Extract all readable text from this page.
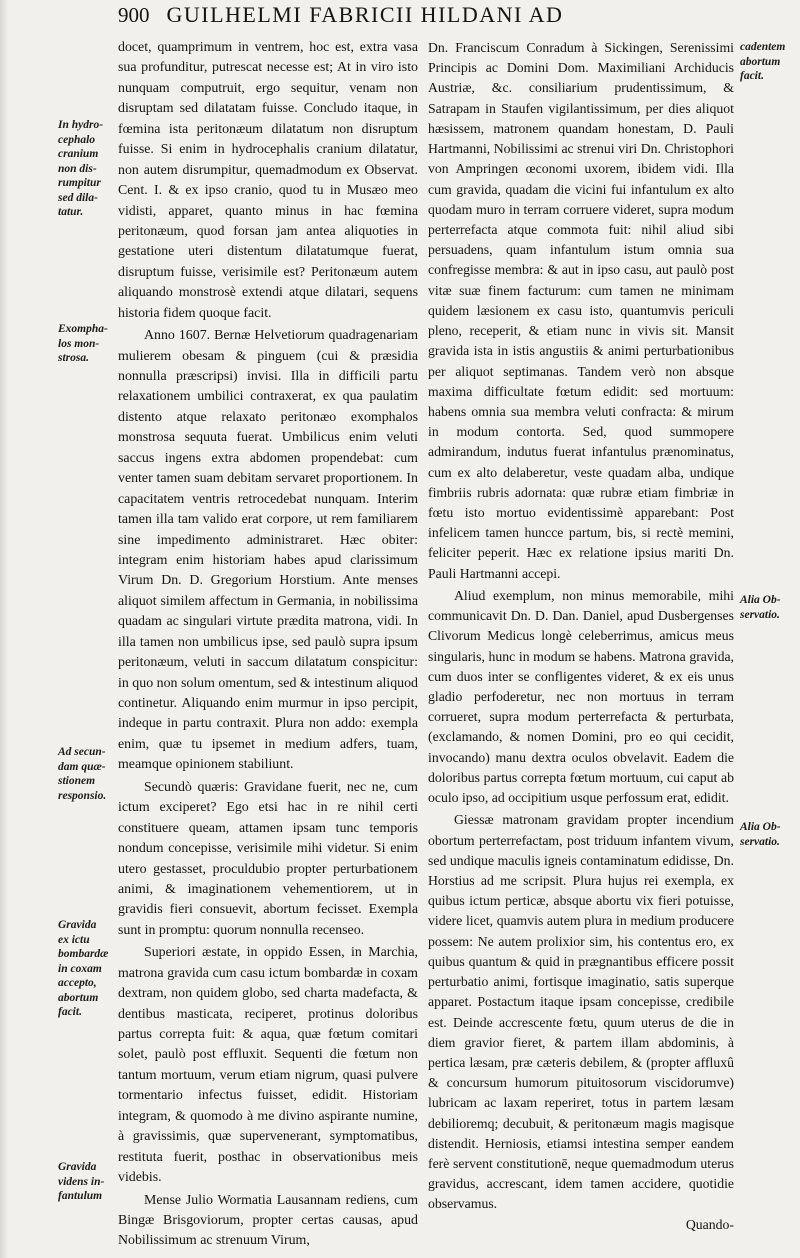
900 GUILHELMI FABRICII HILDANI AD
In hydro-
cephalo
cranium
non dis-
rumpitur
sed dila-
tatur.
Exompha-
los mon-
strosa.
Ad secun-
dam quæ-
stionem
responsio.
Gravida
ex ictu
bombardæ
in coxam
accepto,
abortum
facit.
Gravida
videns in-
fantulum
cadentem
abortum
facit.
Alia Ob-
servatio.
Alia Ob-
servatio.

docet, quamprimum in ventrem, hoc est, extra vasa sua profunditur, putrescat necesse est; At in viro isto nunquam computruit, ergo sequitur, venam non disruptam sed dilatatam fuisse. Concludo itaque, in fœmina ista peritonæum dilatatum non disruptum fuisse. Si enim in hydrocephalis cranium dilatatur, non autem disrumpitur, quemadmodum ex Observat. Cent. I. & ex ipso cranio, quod tu in Musæo meo vidisti, apparet, quanto minus in hac fœmina peritonæum, quod forsan jam antea aliquoties in gestatione uteri distentum dilatatumque fuerat, disruptum fuisse, verisimile est? Peritonæum autem aliquando monstrosè extendi atque dilatari, sequens historia fidem quoque facit.

Anno 1607. Bernæ Helvetiorum quadragenariam mulierem obesam & pinguem (cui & præsidia nonnulla præscripsi) invisi. Illa in difficili partu relaxationem umbilici contraxerat, ex qua paulatim distento atque relaxato peritonæo exomphalos monstrosa sequuta fuerat. Umbilicus enim veluti saccus ingens extra abdomen propendebat: cum venter tamen suam debitam servaret proportionem. In capacitatem ventris retrocedebat nunquam. Interim tamen illa tam valido erat corpore, ut rem familiarem sine impedimento administraret. Hæc obiter: integram enim historiam habes apud clarissimum Virum Dn. D. Gregorium Horstium. Ante menses aliquot similem affectum in Germania, in nobilissima quadam ac singulari virtute prædita matrona, vidi. In illa tamen non umbilicus ipse, sed paulò supra ipsum peritonæum, veluti in saccum dilatatum conspicitur: in quo non solum omentum, sed & intestinum aliquod continetur. Aliquando enim murmur in ipso percipit, indeque in partu contraxit. Plura non addo: exempla enim, quæ tu ipsemet in medium adfers, tuam, meamque opinionem stabiliunt.

Secundò quæris: Gravidane fuerit, nec ne, cum ictum exciperet? Ego etsi hac in re nihil certi constituere queam, attamen ipsam tunc temporis nondum concepisse, verisimile mihi videtur. Si enim utero gestasset, proculdubio propter perturbationem animi, & imaginationem vehementiorem, ut in gravidis fieri consuevit, abortum fecisset. Exempla sunt in promptu: quorum nonnulla recenseo.

Superiori æstate, in oppido Essen, in Marchia, matrona gravida cum casu ictum bombardæ in coxam dextram, non quidem globo, sed charta madefacta, & dentibus masticata, reciperet, protinus doloribus partus correpta fuit: & aqua, quæ fœtum comitari solet, paulò post effluxit. Sequenti die fœtum non tantum mortuum, verum etiam nigrum, quasi pulvere tormentario infectus fuisset, edidit. Historiam integram, & quomodo à me divino aspirante numine, à gravissimis, quæ supervenerant, symptomatibus, restituta fuerit, posthac in observationibus meis videbis.

Mense Julio Wormatia Lausannam rediens, cum Bingæ Brisgoviorum, propter certas causas, apud Nobilissimum ac strenuum Virum,

Dn. Franciscum Conradum à Sickingen, Serenissimi Principis ac Domini Dom. Maximiliani Archiducis Austriæ, &c. consiliarium prudentissimum, & Satrapam in Staufen vigilantissimum, per dies aliquot hæsissem, matronem quandam honestam, D. Pauli Hartmanni, Nobilissimi ac strenui viri Dn. Christophori von Ampringen œconomi uxorem, ibidem vidi. Illa cum gravida, quadam die vicini fui infantulum ex alto quodam muro in terram corruere videret, supra modum perterrefacta atque commota fuit: nihil aliud sibi persuadens, quam infantulum istum omnia sua confregisse membra: & aut in ipso casu, aut paulò post vitæ suæ finem facturum: cum tamen ne minimam quidem læsionem ex casu isto, quantumvis periculi pleno, receperit, & etiam nunc in vivis sit. Mansit gravida ista in istis angustiis & animi perturbationibus per aliquot septimanas. Tandem verò non absque maxima difficultate fœtum edidit: sed mortuum: habens omnia sua membra veluti confracta: & mirum in modum contorta. Sed, quod summopere admirandum, indutus fuerat infantulus prænominatus, cum ex alto delaberetur, veste quadam alba, undique fimbriis rubris adornata: quæ rubræ etiam fimbriæ in fœtu isto mortuo evidentissimè apparebant: Post infelicem tamen huncce partum, bis, si rectè memini, feliciter peperit. Hæc ex relatione ipsius mariti Dn. Pauli Hartmanni accepi.

Aliud exemplum, non minus memorabile, mihi communicavit Dn. D. Dan. Daniel, apud Dusbergenses Clivorum Medicus longè celeberrimus, amicus meus singularis, hunc in modum se habens. Matrona gravida, cum duos inter se confligentes videret, & ex eis unus gladio perfoderetur, nec non mortuus in terram corrueret, supra modum perterrefacta & perturbata, (exclamando, & nomen Domini, pro eo qui cecidit, invocando) manu dextra oculos obvelavit. Eadem die doloribus partus correpta fœtum mortuum, cui caput ab oculo ipso, ad occipitium usque perfossum erat, edidit.

Giessæ matronam gravidam propter incendium obortum perterrefactam, post triduum infantem vivum, sed undique maculis igneis contaminatum edidisse, Dn. Horstius ad me scripsit. Plura hujus rei exempla, ex quibus ictum perticæ, absque abortu vix fieri potuisse, videre licet, quamvis autem plura in medium producere possem: Ne autem prolixior sim, his contentus ero, ex quibus quantum & quid in prægnantibus efficere possit perturbatio animi, fortisque imaginatio, satis superque apparet. Postactum itaque ipsam concepisse, credibile est. Deinde accrescente fœtu, quum uterus de die in diem gravior fieret, & partem illam abdominis, à pertica læsam, præ cæteris debilem, & (propter affluxû & concursum humorum pituitosorum viscidorumve) lubricam ac laxam reperiret, totus in partem læsam debilioremq; decubuit, & peritonæum magis magisque distendit. Herniosis, etiamsi intestina semper eandem ferè servent constitutionē, neque quemadmodum uterus gravidus, accrescant, idem tamen accidere, quotidie observamus.

Quando-
